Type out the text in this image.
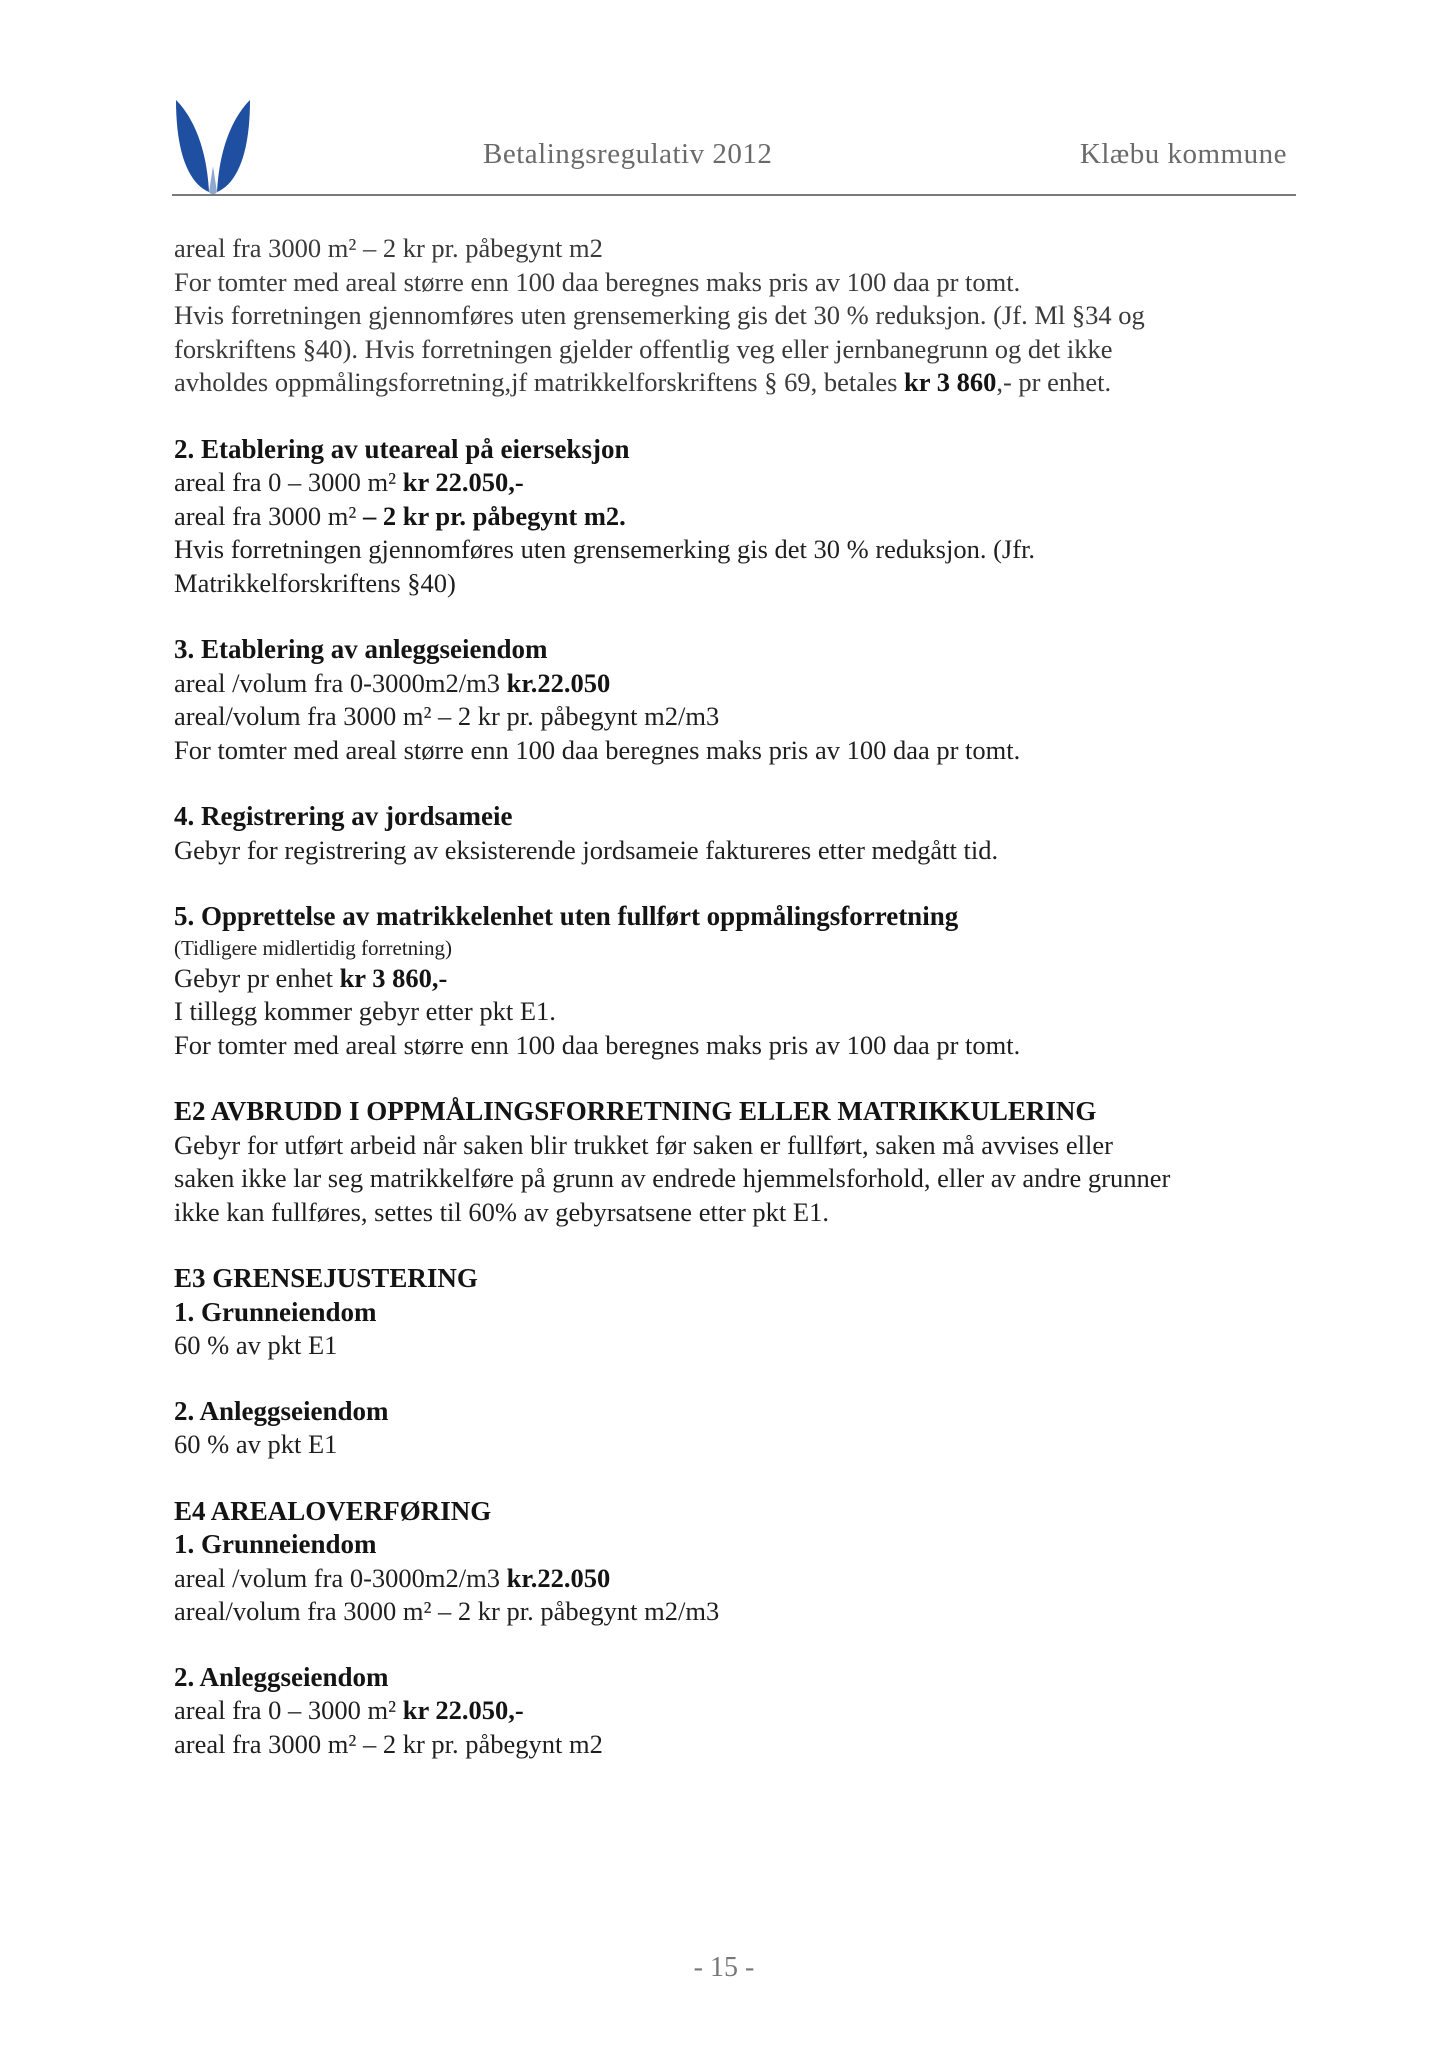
Betalingsregulativ 2012	Klæbu kommune

areal fra 3000 m² – 2 kr pr. påbegynt m2

For tomter med areal større enn 100 daa beregnes maks pris av 100 daa pr tomt.

Hvis forretningen gjennomføres uten grensemerking gis det 30 % reduksjon. (Jf. Ml §34 og

forskriftens §40). Hvis forretningen gjelder offentlig veg eller jernbanegrunn og det ikke

avholdes oppmålingsforretning,jf matrikkelforskriftens § 69, betales kr 3 860,- pr enhet.

2. Etablering av uteareal på eierseksjon

areal fra 0 – 3000 m² kr 22.050,-

areal fra 3000 m² – 2 kr pr. påbegynt m2.

Hvis forretningen gjennomføres uten grensemerking gis det 30 % reduksjon. (Jfr.

Matrikkelforskriftens §40)

3. Etablering av anleggseiendom

areal /volum fra 0-3000m2/m3 kr.22.050

areal/volum fra 3000 m² – 2 kr pr. påbegynt m2/m3

For tomter med areal større enn 100 daa beregnes maks pris av 100 daa pr tomt.

4. Registrering av jordsameie

Gebyr for registrering av eksisterende jordsameie faktureres etter medgått tid.

5. Opprettelse av matrikkelenhet uten fullført oppmålingsforretning

(Tidligere midlertidig forretning)

Gebyr pr enhet kr 3 860,-

I tillegg kommer gebyr etter pkt E1.

For tomter med areal større enn 100 daa beregnes maks pris av 100 daa pr tomt.

E2 AVBRUDD I OPPMÅLINGSFORRETNING ELLER MATRIKKULERING

Gebyr for utført arbeid når saken blir trukket før saken er fullført, saken må avvises eller

saken ikke lar seg matrikkelføre på grunn av endrede hjemmelsforhold, eller av andre grunner

ikke kan fullføres, settes til 60% av gebyrsatsene etter pkt E1.

E3 GRENSEJUSTERING

1. Grunneiendom

60 % av pkt E1

2. Anleggseiendom

60 % av pkt E1

E4 AREALOVERFØRING

1. Grunneiendom

areal /volum fra 0-3000m2/m3 kr.22.050

areal/volum fra 3000 m² – 2 kr pr. påbegynt m2/m3

2. Anleggseiendom

areal fra 0 – 3000 m² kr 22.050,-

areal fra 3000 m² – 2 kr pr. påbegynt m2

- 15 -
